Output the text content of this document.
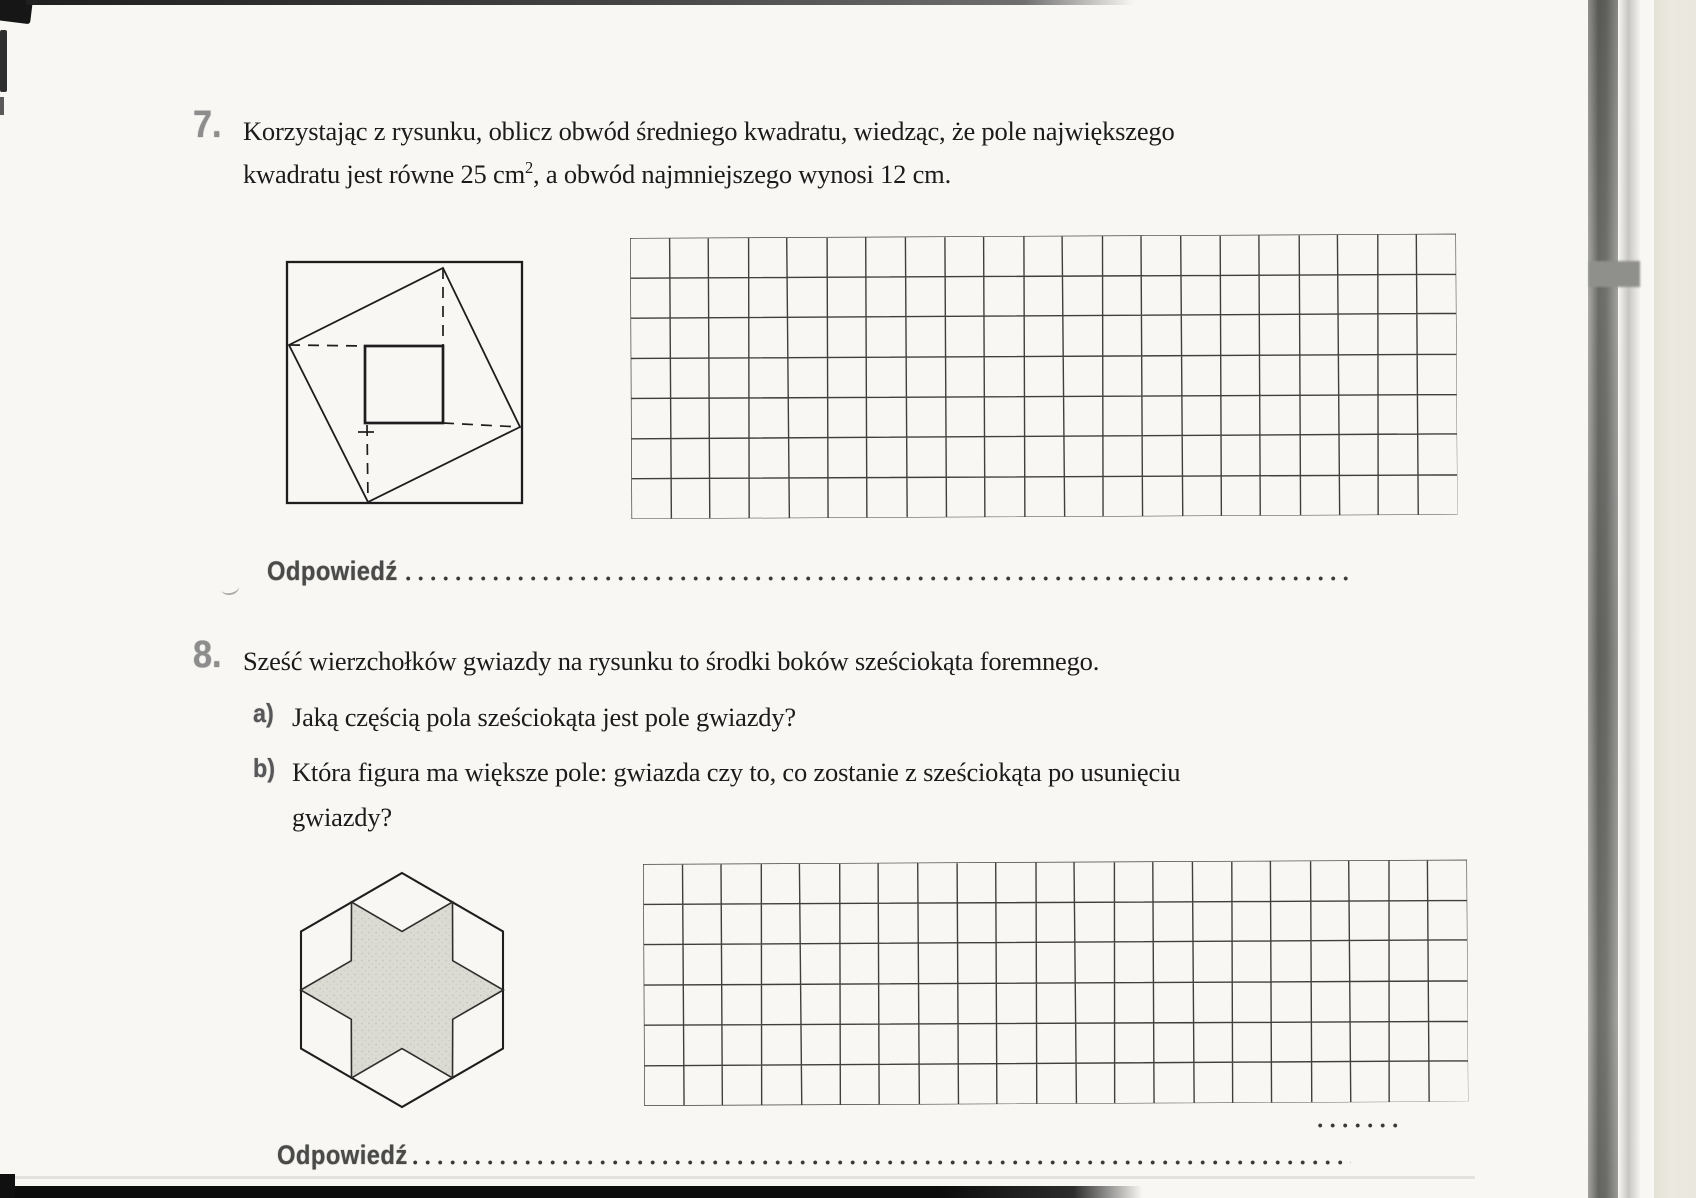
7. Korzystając z rysunku, oblicz obwód średniego kwadratu, wiedząc, że pole największego
kwadratu jest równe 25 $cm^2$, a obwód najmniejszego wynosi 12 cm.
Odpowiedź
8. Sześć wierzchołków gwiazdy na rysunku to środki boków sześciokąta foremnego.
a) Jaką częścią pola sześciokąta jest pole gwiazdy?
b) Która figura ma większe pole: gwiazda czy to, co zostanie z sześciokąta po usunięciu
gwiazdy?
Odpowiedź
